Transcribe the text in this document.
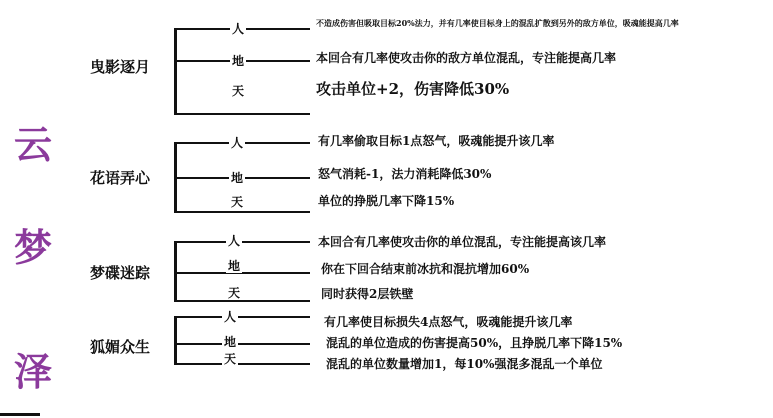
云
梦
泽
曳影逐月
人
地
天
不造成伤害但吸取目标20%法力，并有几率使目标身上的混乱扩散到另外的敌方单位，吸魂能提高几率
本回合有几率使攻击你的敌方单位混乱，专注能提高几率
攻击单位+2，伤害降低30%
花语弄心
人
地
天
有几率偷取目标1点怒气，吸魂能提升该几率
怒气消耗-1，法力消耗降低30%
单位的挣脱几率下降15%
梦碟迷踪
人
地
天
本回合有几率使攻击你的单位混乱，专注能提高该几率
你在下回合结束前冰抗和混抗增加60%
同时获得2层铁壁
狐媚众生
人
地
天
有几率使目标损失4点怒气，吸魂能提升该几率
混乱的单位造成的伤害提高50%，且挣脱几率下降15%
混乱的单位数量增加1，每10%强混多混乱一个单位
